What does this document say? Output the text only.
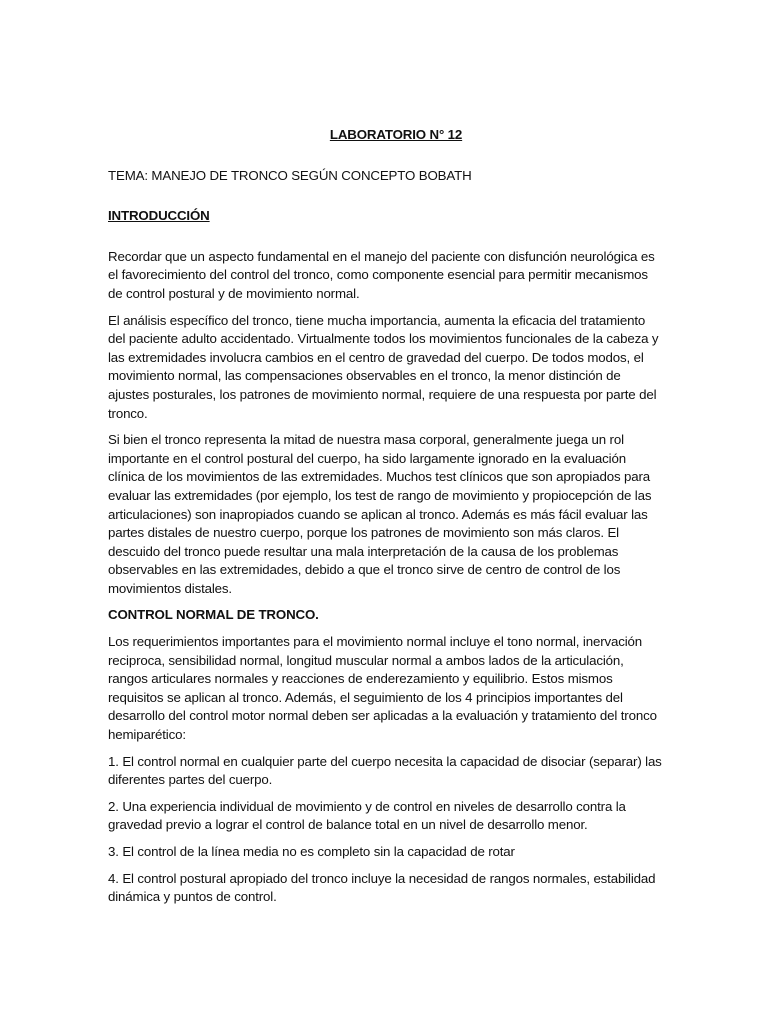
LABORATORIO N° 12
TEMA: MANEJO DE TRONCO SEGÚN CONCEPTO BOBATH
INTRODUCCIÓN

Recordar que un aspecto fundamental en el manejo del paciente con disfunción neurológica es el favorecimiento del control del tronco, como componente esencial para permitir mecanismos de control postural y de movimiento normal.

El análisis específico del tronco, tiene mucha importancia, aumenta la eficacia del tratamiento del paciente adulto accidentado. Virtualmente todos los movimientos funcionales de la cabeza y las extremidades involucra cambios en el centro de gravedad del cuerpo. De todos modos, el movimiento normal, las compensaciones observables en el tronco, la menor distinción de ajustes posturales, los patrones de movimiento normal, requiere de una respuesta por parte del tronco.

Si bien el tronco representa la mitad de nuestra masa corporal, generalmente juega un rol importante en el control postural del cuerpo, ha sido largamente ignorado en la evaluación clínica de los movimientos de las extremidades. Muchos test clínicos que son apropiados para evaluar las extremidades (por ejemplo, los test de rango de movimiento y propiocepción de las articulaciones) son inapropiados cuando se aplican al tronco. Además es más fácil evaluar las partes distales de nuestro cuerpo, porque los patrones de movimiento son más claros. El descuido del tronco puede resultar una mala interpretación de la causa de los problemas observables en las extremidades, debido a que el tronco sirve de centro de control de los movimientos distales.

CONTROL NORMAL DE TRONCO.

Los requerimientos importantes para el movimiento normal incluye el tono normal, inervación reciproca, sensibilidad normal, longitud muscular normal a ambos lados de la articulación, rangos articulares normales y reacciones de enderezamiento y equilibrio. Estos mismos requisitos se aplican al tronco. Además, el seguimiento de los 4 principios importantes del desarrollo del control motor normal deben ser aplicadas a la evaluación y tratamiento del tronco hemiparético:

1. El control normal en cualquier parte del cuerpo necesita la capacidad de disociar (separar) las diferentes partes del cuerpo.

2. Una experiencia individual de movimiento y de control en niveles de desarrollo contra la gravedad previo a lograr el control de balance total en un nivel de desarrollo menor.

3. El control de la línea media no es completo sin la capacidad de rotar

4. El control postural apropiado del tronco incluye la necesidad de rangos normales, estabilidad dinámica y puntos de control.
